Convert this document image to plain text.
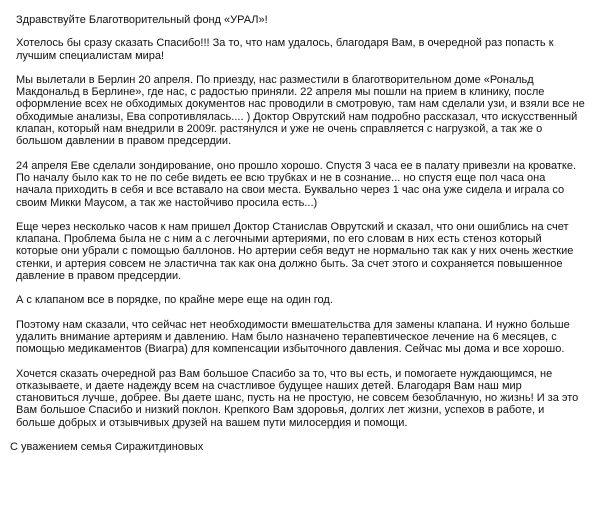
Здравствуйте Благотворительный фонд «УРАЛ»!
Хотелось бы сразу сказать Спасибо!!! За то, что нам удалось, благодаря Вам, в очередной раз попасть к
лучшим специалистам мира!
Мы вылетали в Берлин 20 апреля. По приезду, нас разместили в благотворительном доме «Рональд
Макдональд в Берлине», где нас, с радостью приняли. 22 апреля мы пошли на прием в клинику, после
оформление всех не обходимых документов нас проводили в смотровую, там нам сделали узи, и взяли все не
обходимые анализы, Ева сопротивлялась.... ) Доктор Оврутский нам подробно рассказал, что искусственный
клапан, который нам внедрили в 2009г. растянулся и уже не очень справляется с нагрузкой, а так же о
большом давлении в правом предсердии.
24 апреля Еве сделали зондирование, оно прошло хорошо. Спустя 3 часа ее в палату привезли на кроватке.
По началу было как то не по себе видеть ее всю трубках и не в сознание... но спустя еще пол часа она
начала приходить в себя и все вставало на свои места. Буквально через 1 час она уже сидела и играла со
своим Микки Маусом, а так же настойчиво просила есть...)
Еще через несколько часов к нам пришел Доктор Станислав Оврутский и сказал, что они ошиблись на счет
клапана. Проблема была не с ним а с легочными артериями, по его словам в них есть стеноз который
которые они убрали с помощью баллонов. Но артерии себя ведут не нормально так как у них очень жесткие
стенки, и артерия совсем не эластична так как она должно быть. За счет этого и сохраняется повышенное
давление в правом предсердии.
А с клапаном все в порядке, по крайне мере еще на один год.
Поэтому нам сказали, что сейчас нет необходимости вмешательства для замены клапана. И нужно больше
удалить внимание артериям и давлению. Нам было назначено терапевтическое лечение на 6 месяцев, с
помощью медикаментов (Виагра) для компенсации избыточного давления. Сейчас мы дома и все хорошо.
Хочется сказать очередной раз Вам большое Спасибо за то, что вы есть, и помогаете нуждающимся, не
отказываете, и даете надежду всем на счастливое будущее наших детей. Благодаря Вам наш мир
становиться лучше, добрее. Вы даете шанс, пусть на не простую, не совсем безоблачную, но жизнь! И за это
Вам большое Спасибо и низкий поклон. Крепкого Вам здоровья, долгих лет жизни, успехов в работе, и
больше добрых и отзывчивых друзей на вашем пути милосердия и помощи.
С уважением семья Сиражитдиновых
